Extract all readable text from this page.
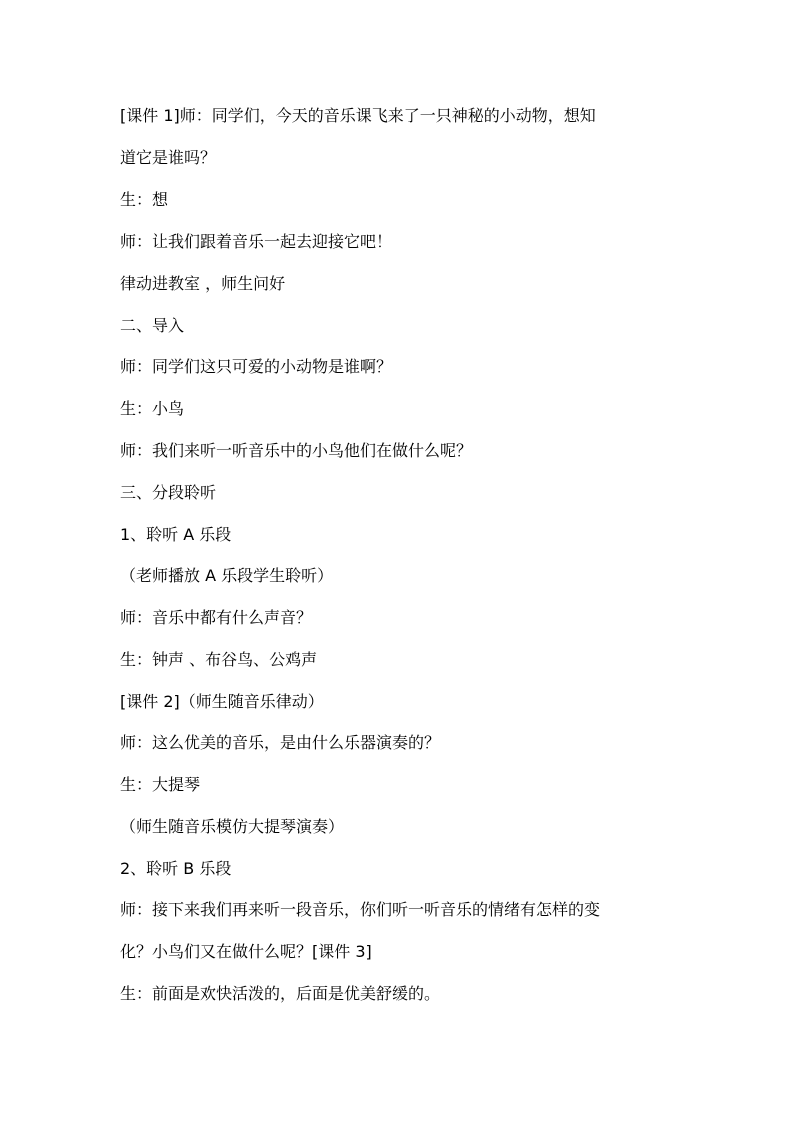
[课件 1]师：同学们，今天的音乐课飞来了一只神秘的小动物，想知
道它是谁吗？
生：想
师：让我们跟着音乐一起去迎接它吧！
律动进教室 ，师生问好
二、导入
师：同学们这只可爱的小动物是谁啊？
生：小鸟
师：我们来听一听音乐中的小鸟他们在做什么呢？
三、分段聆听
1、聆听 A 乐段
（老师播放 A 乐段学生聆听）
师：音乐中都有什么声音？
生：钟声 、布谷鸟、公鸡声
[课件 2]（师生随音乐律动）
师：这么优美的音乐，是由什么乐器演奏的？
生：大提琴
（师生随音乐模仿大提琴演奏）
2、聆听 B 乐段
师：接下来我们再来听一段音乐，你们听一听音乐的情绪有怎样的变
化？小鸟们又在做什么呢？[课件 3]
生：前面是欢快活泼的，后面是优美舒缓的。
